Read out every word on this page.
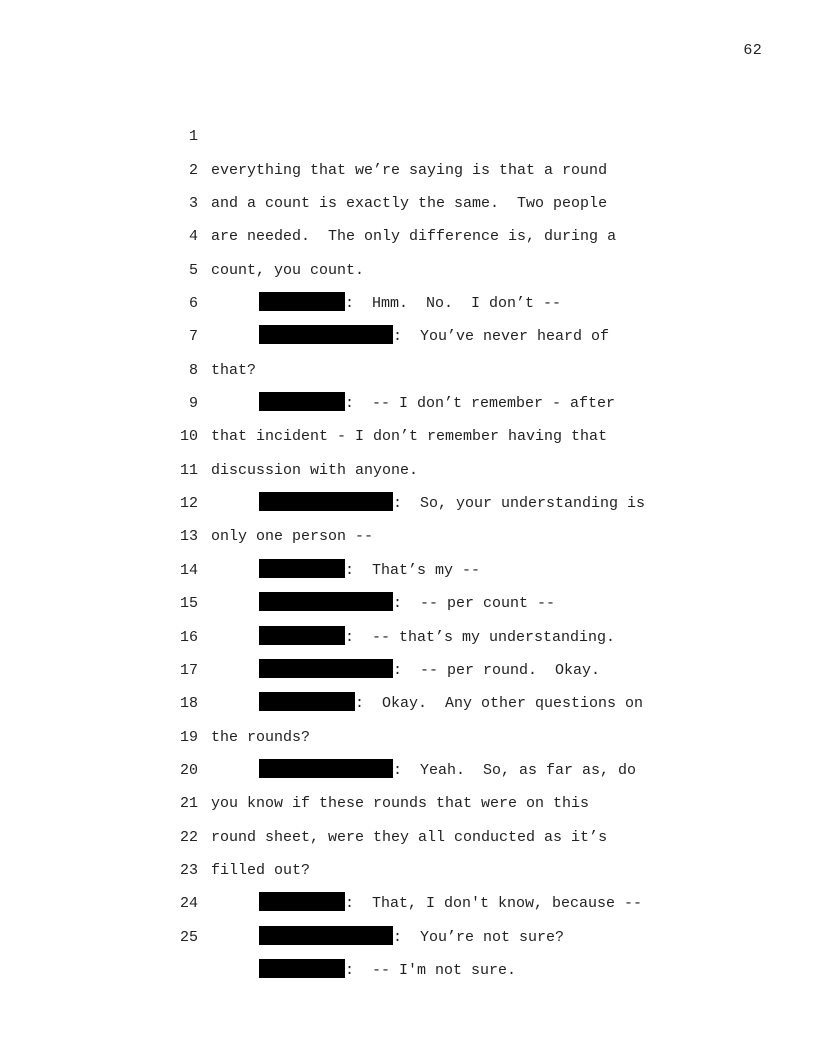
62

1

everything that we’re saying is that a round

2

and a count is exactly the same.  Two people

3

are needed.  The only difference is, during a

4

count, you count.

5

:  Hmm.  No.  I don’t --

6

:  You’ve never heard of

7

that?

8

:  -- I don’t remember - after

9

that incident - I don’t remember having that

10

discussion with anyone.

11

:  So, your understanding is

12

only one person --

13

:  That’s my --

14

:  -- per count --

15

:  -- that’s my understanding.

16

:  -- per round.  Okay.

17

:  Okay.  Any other questions on

18

the rounds?

19

:  Yeah.  So, as far as, do

20

you know if these rounds that were on this

21

round sheet, were they all conducted as it’s

22

filled out?

23

:  That, I don't know, because --

24

:  You’re not sure?

25

:  -- I'm not sure.
